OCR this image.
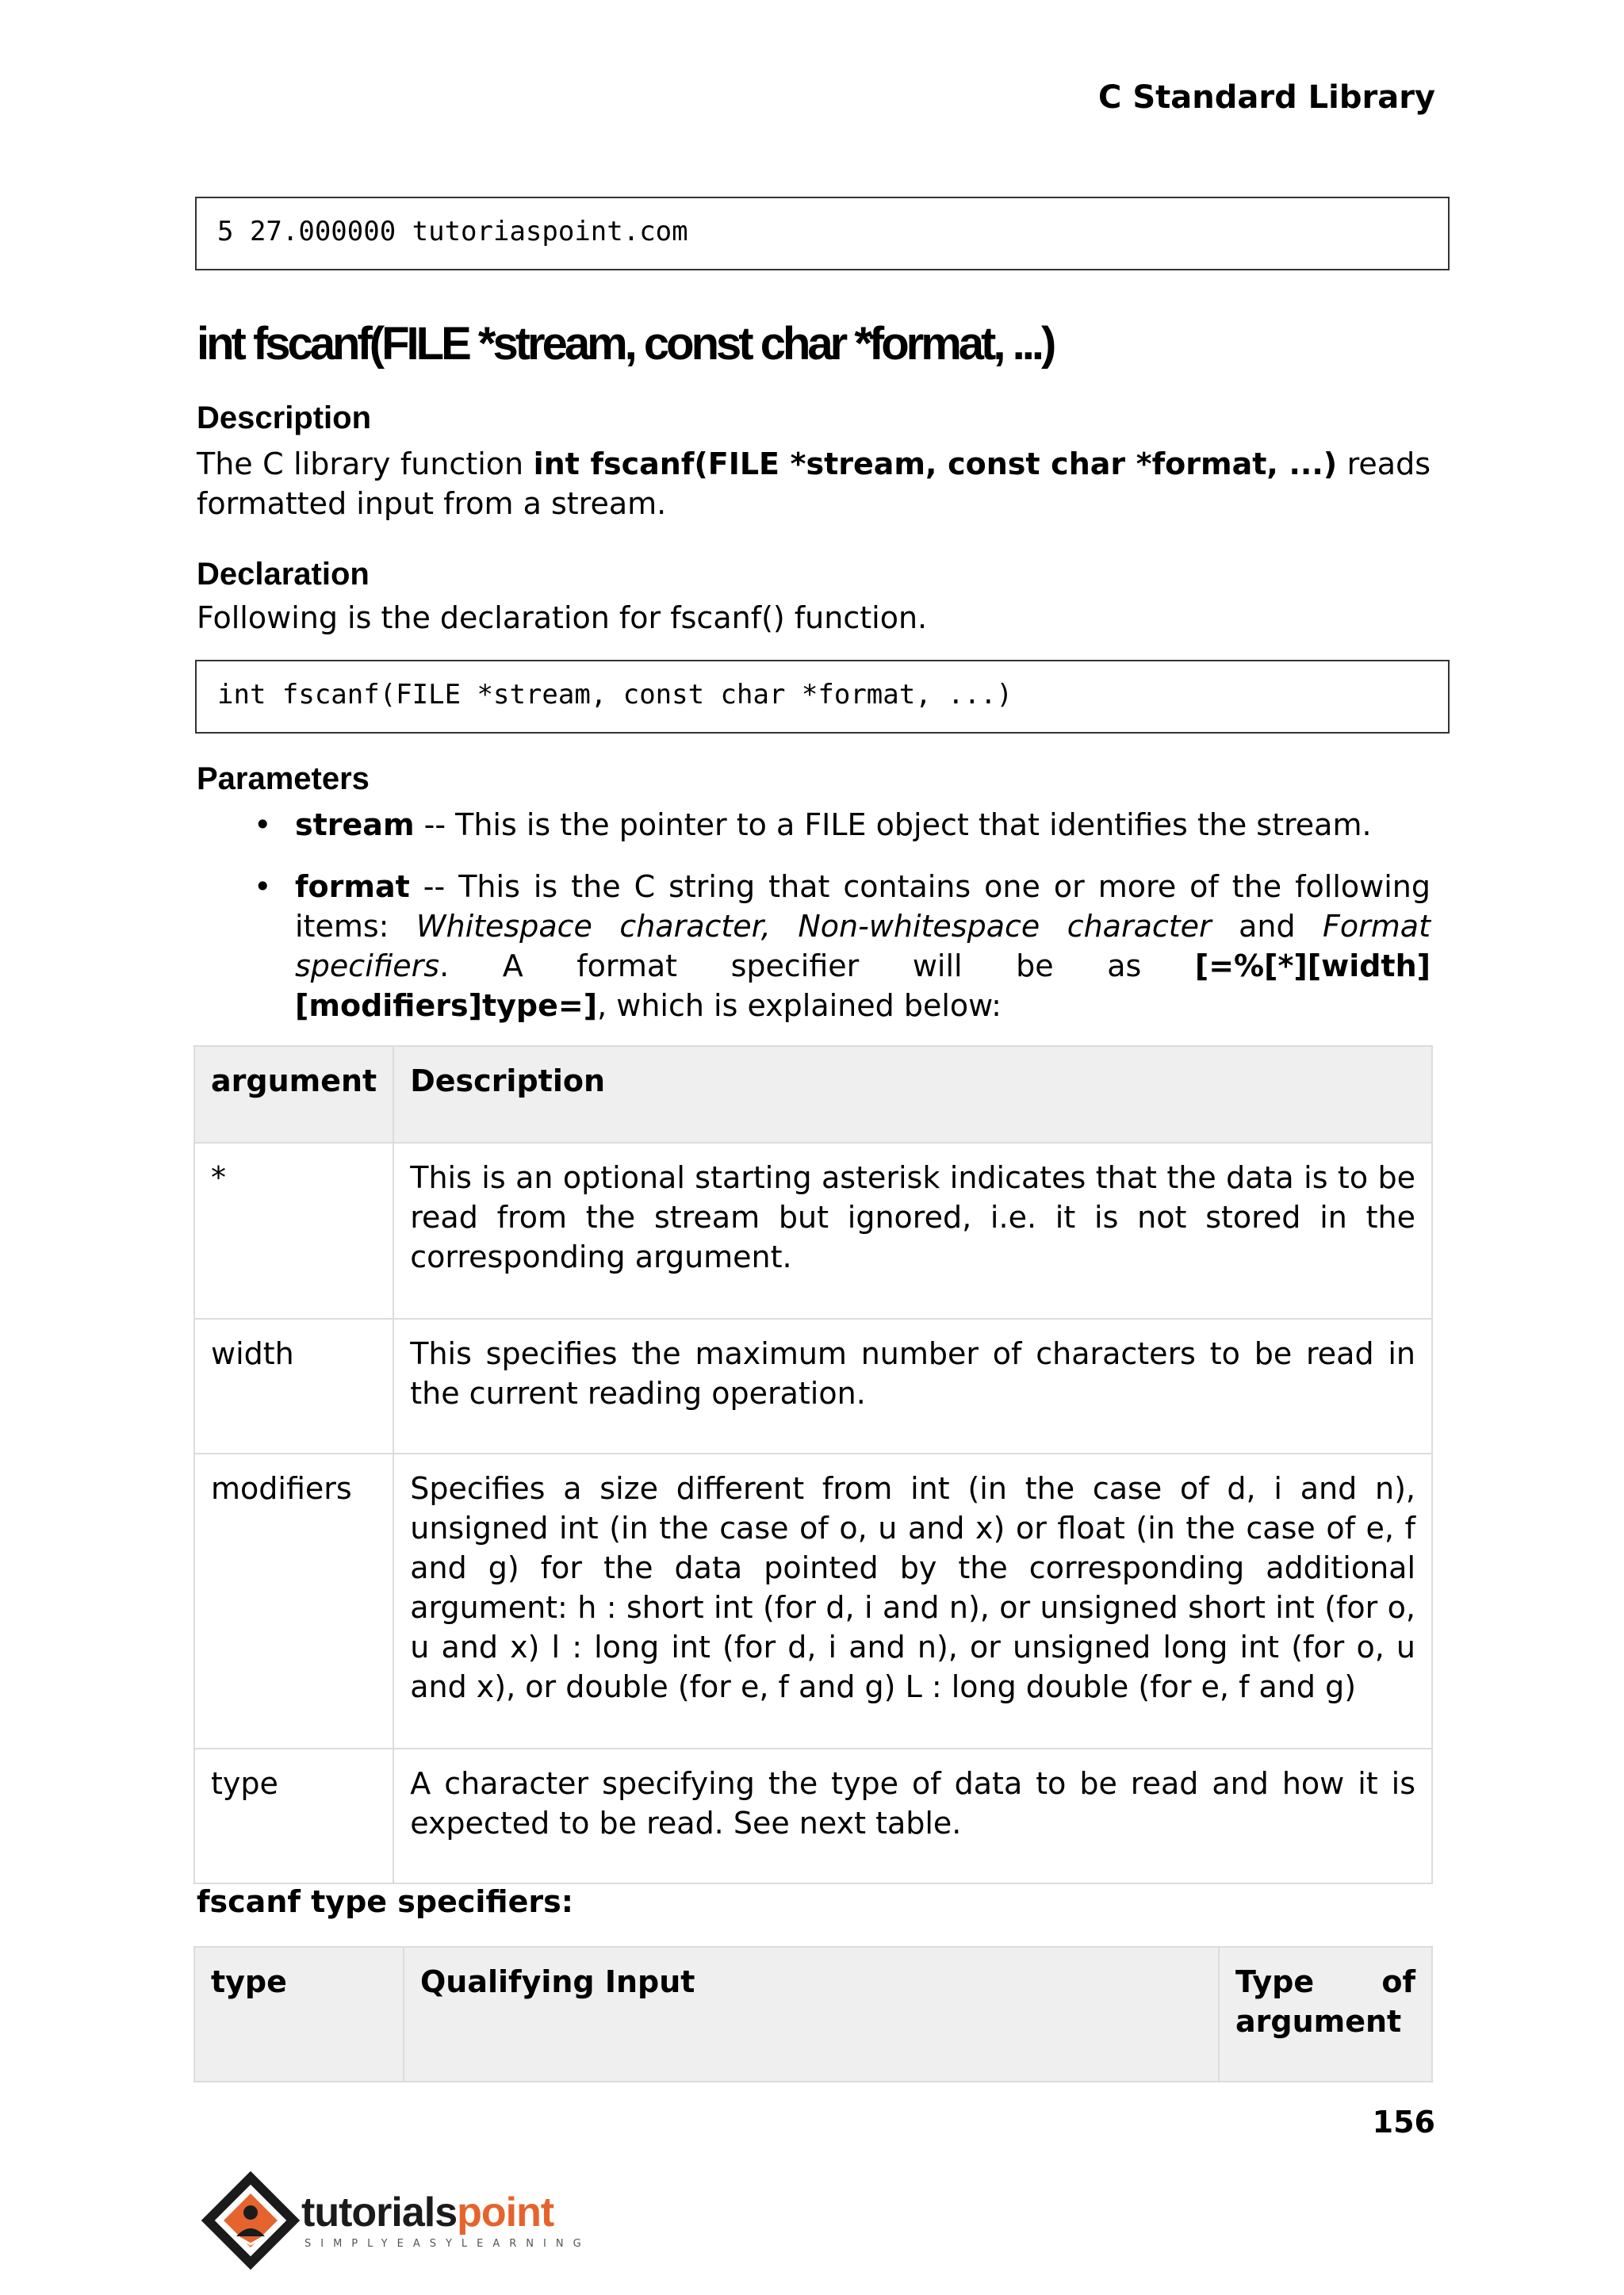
C Standard Library
5 27.000000 tutoriaspoint.com
int fscanf(FILE *stream, const char *format, ...)
Description
The C library function int fscanf(FILE *stream, const char *format, ...) reads formatted input from a stream.
Declaration
Following is the declaration for fscanf() function.
int fscanf(FILE *stream, const char *format, ...)
Parameters
• stream -- This is the pointer to a FILE object that identifies the stream.
• format -- This is the C string that contains one or more of the following items: Whitespace character, Non-whitespace character and Format specifiers. A format specifier will be as [=%[*][width][modifiers]type=], which is explained below:
argument	Description
*	This is an optional starting asterisk indicates that the data is to be read from the stream but ignored, i.e. it is not stored in the corresponding argument.
width	This specifies the maximum number of characters to be read in the current reading operation.
modifiers	Specifies a size different from int (in the case of d, i and n), unsigned int (in the case of o, u and x) or float (in the case of e, f and g) for the data pointed by the corresponding additional argument: h : short int (for d, i and n), or unsigned short int (for o, u and x) l : long int (for d, i and n), or unsigned long int (for o, u and x), or double (for e, f and g) L : long double (for e, f and g)
type	A character specifying the type of data to be read and how it is expected to be read. See next table.
fscanf type specifiers:
type	Qualifying Input	Type of argument
156
tutorialspoint
SIMPLYEASYLEARNING
